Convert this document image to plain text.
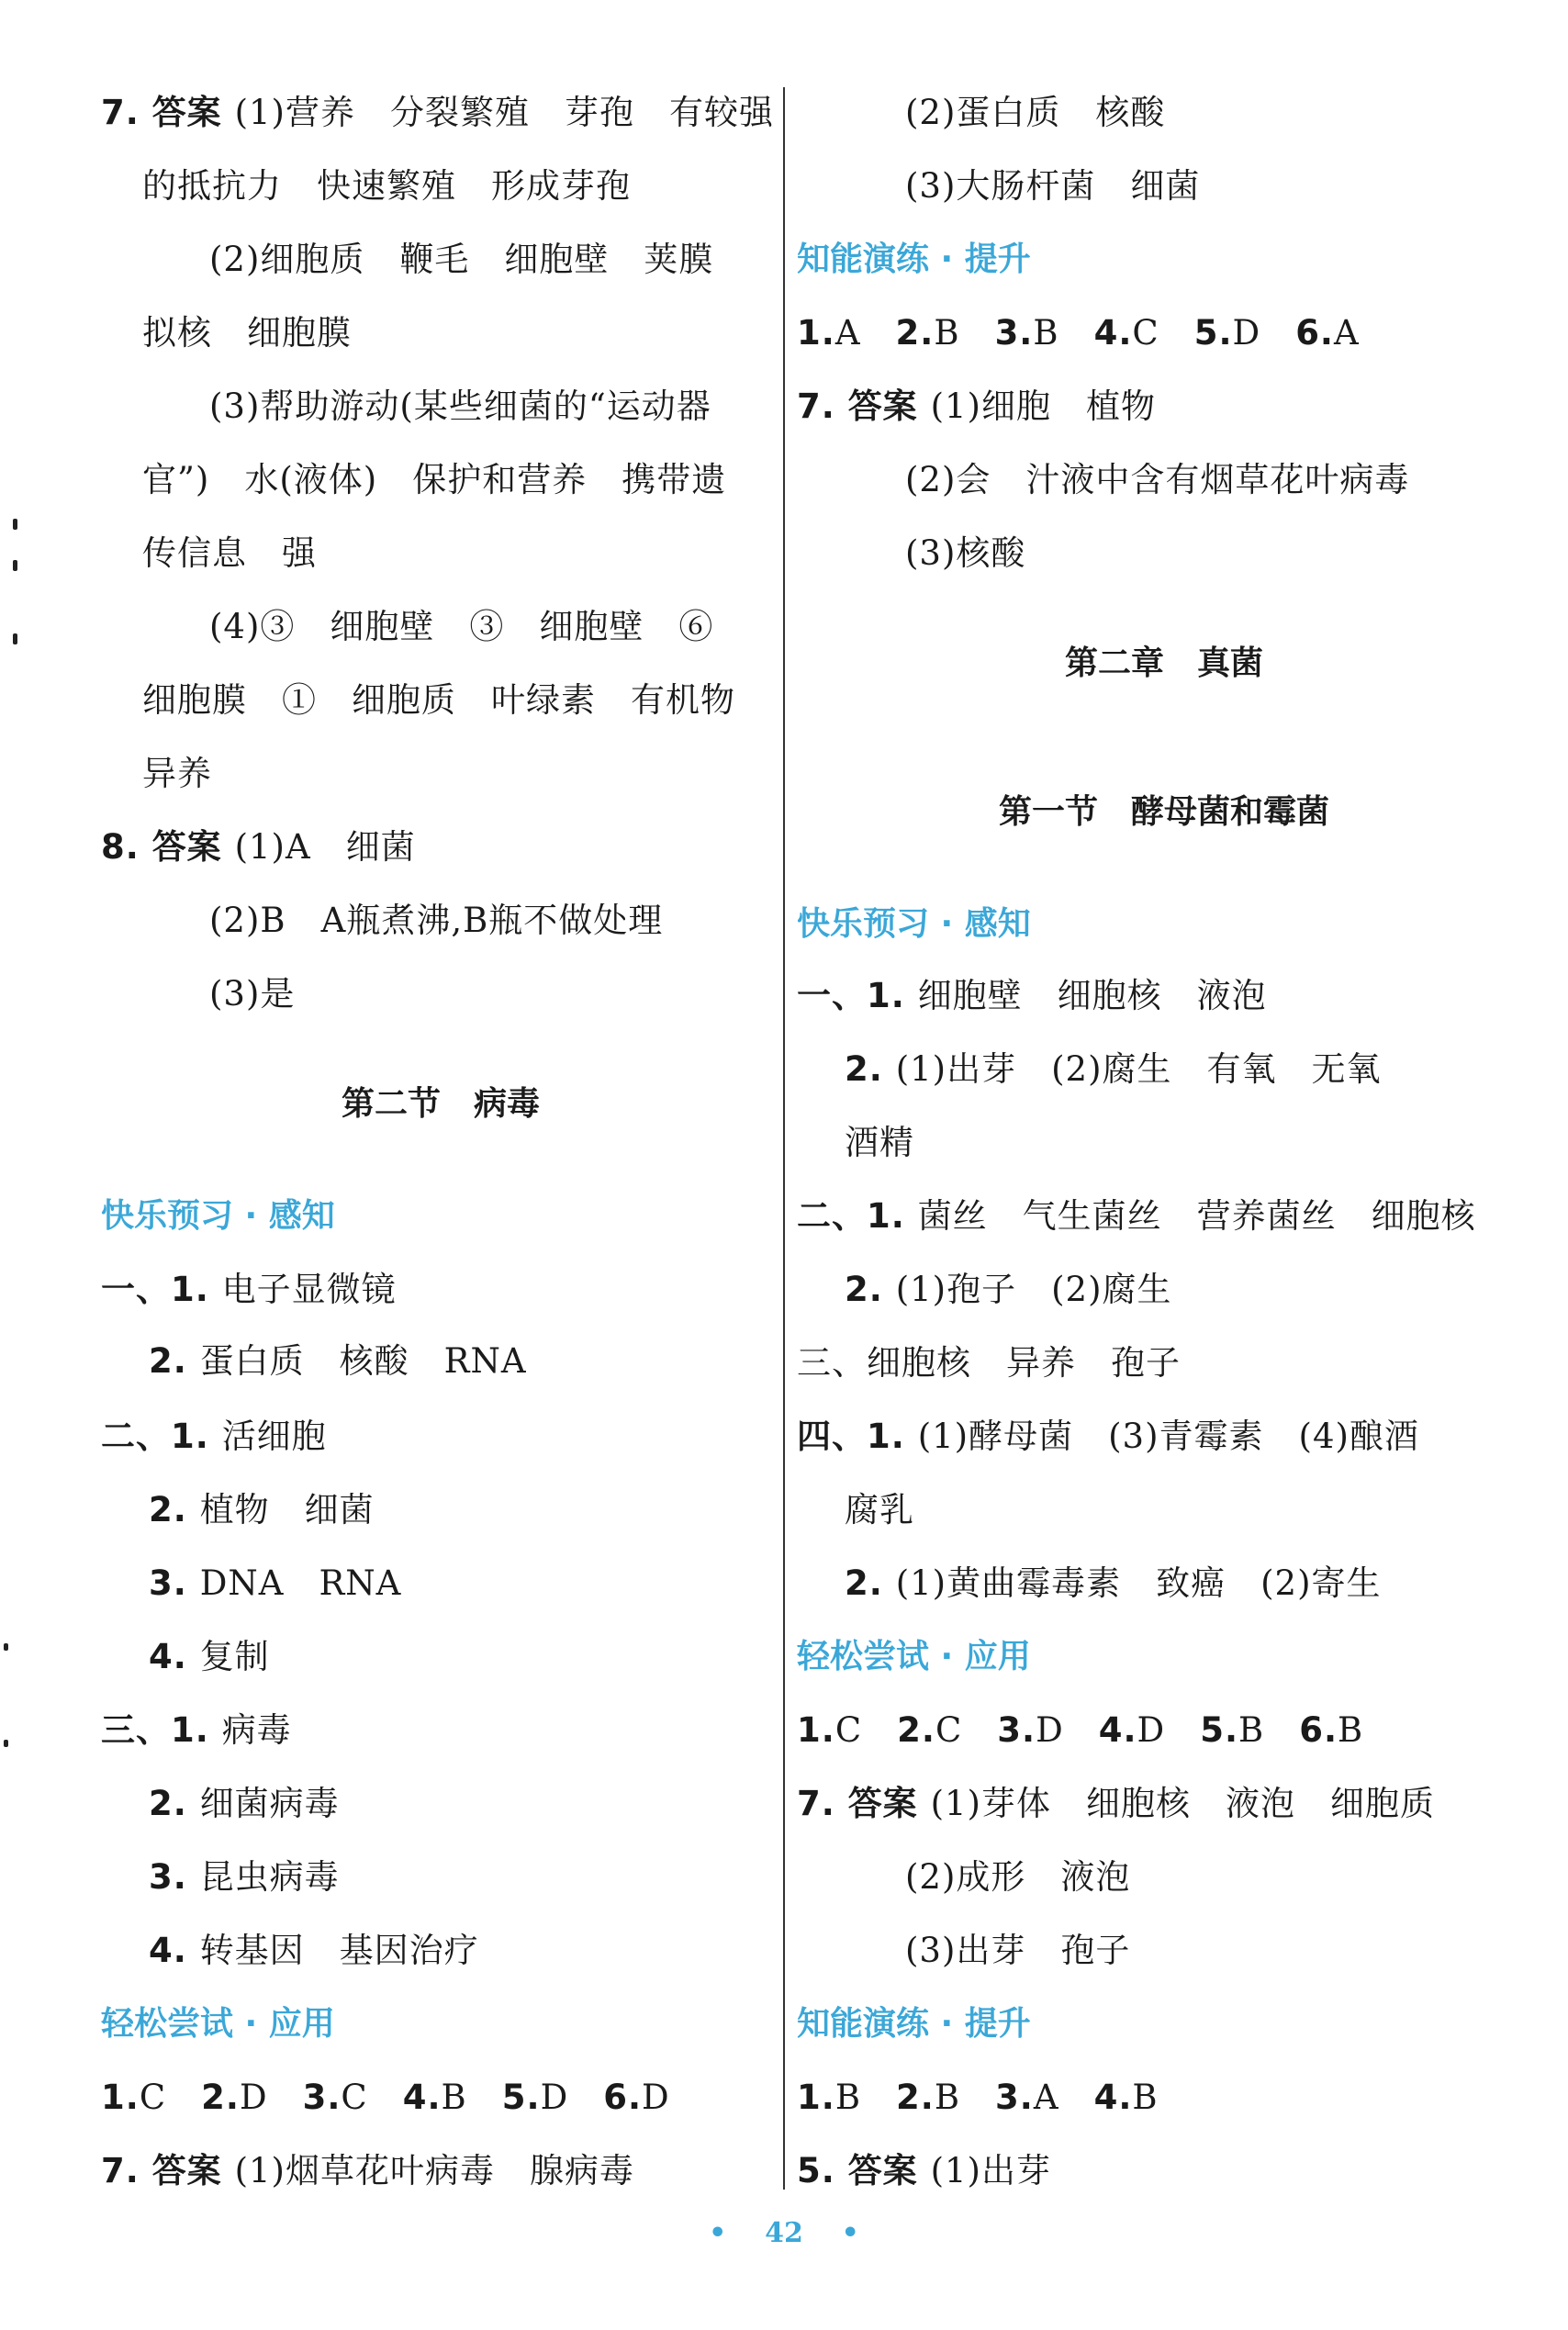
7. 答案 (1)营养　分裂繁殖　芽孢　有较强
的抵抗力　快速繁殖　形成芽孢
(2)细胞质　鞭毛　细胞壁　荚膜
拟核　细胞膜
(3)帮助游动(某些细菌的“运动器
官”)　水(液体)　保护和营养　携带遗
传信息　强
(4)③　细胞壁　③　细胞壁　⑥
细胞膜　①　细胞质　叶绿素　有机物
异养
8. 答案 (1)A　细菌
(2)B　A瓶煮沸,B瓶不做处理
(3)是
第二节　病毒
快乐预习 · 感知
一、1. 电子显微镜
2. 蛋白质　核酸　RNA
二、1. 活细胞
2. 植物　细菌
3. DNA　RNA
4. 复制
三、1. 病毒
2. 细菌病毒
3. 昆虫病毒
4. 转基因　基因治疗
轻松尝试 · 应用
1.C　2.D　3.C　4.B　5.D　6.D
7. 答案 (1)烟草花叶病毒　腺病毒
(2)蛋白质　核酸
(3)大肠杆菌　细菌
知能演练 · 提升
1.A　2.B　3.B　4.C　5.D　6.A
7. 答案 (1)细胞　植物
(2)会　汁液中含有烟草花叶病毒
(3)核酸
第二章　真菌
第一节　酵母菌和霉菌
快乐预习 · 感知
一、1. 细胞壁　细胞核　液泡
2. (1)出芽　(2)腐生　有氧　无氧
酒精
二、1. 菌丝　气生菌丝　营养菌丝　细胞核
2. (1)孢子　(2)腐生
三、细胞核　异养　孢子
四、1. (1)酵母菌　(3)青霉素　(4)酿酒
腐乳
2. (1)黄曲霉毒素　致癌　(2)寄生
轻松尝试 · 应用
1.C　2.C　3.D　4.D　5.B　6.B
7. 答案 (1)芽体　细胞核　液泡　细胞质
(2)成形　液泡
(3)出芽　孢子
知能演练 · 提升
1.B　2.B　3.A　4.B
5. 答案 (1)出芽
•    42    •
